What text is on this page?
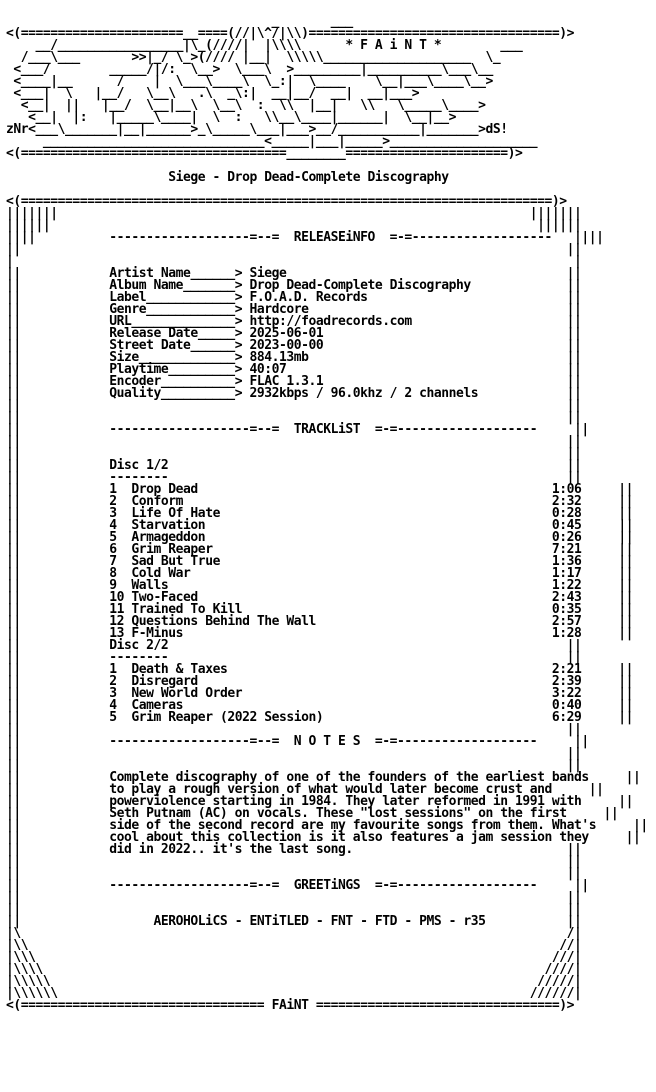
_       ___
<(======================__====(//|\^/|\\)==================================)>
__/_________________|\_(////|  |\\\\      * F A i N T *        ___
/___\___       >>|_/ \_>(//// |__|  \\\\\____________________  \_
<___/        _____/|/:  \__>  \___\  >_________|__________\___\__
<____|__      /    |  \___\____\  \_:|  \____    \__|___\____\__>
<___|  \   |__/   \__\   .\  _\:|  __|__/  __|  __|___>
<__|  ||   |__/  \__|__\  \__\  :  \\  |__|   \\   \_____\____>
<__|  |:   |_____\____|  \  :   \\__\____|______|  \__|__>
zNr<___\_______|__|______>_\_____\___|___>__/___________|_______>dS!
______________________________<_____|___|_____>____________________
<(====================================________======================)>

Siege - Drop Dead-Complete Discography

<(========================================================================)>
|||||||	|||||||
||||||	||||||
||||	-------------------=--=  RELEASEiNFO  =-=-------------------   ||||
||	||
|	|
||	Artist Name______> Siege	||
||	Album Name_______> Drop Dead-Complete Discography	||
||	Label____________> F.O.A.D. Records	||
||	Genre____________> Hardcore	||
||	URL______________> http://foadrecords.com	||
||	Release Date_____> 2025-06-01	||
||	Street Date______> 2023-00-00	||
||	Size_____________> 884.13mb	||
||	Playtime_________> 40:07	||
||	Encoder__________> FLAC 1.3.1	||
||	Quality__________> 2932kbps / 96.0khz / 2 channels	||
||	||
||	||
||	-------------------=--=  TRACKLiST  =-=-------------------     ||
||	||
||	||
||	Disc 1/2	||
||	--------	||
||	1  Drop Dead	1:06     ||
||	2  Conform	2:32     ||
||	3  Life Of Hate	0:28     ||
||	4  Starvation	0:45     ||
||	5  Armageddon	0:26     ||
||	6  Grim Reaper	7:21     ||
||	7  Sad But True	1:36     ||
||	8  Cold War	1:17     ||
||	9  Walls	1:22     ||
||	10 Two-Faced	2:43     ||
||	11 Trained To Kill	0:35     ||
||	12 Questions Behind The Wall	2:57     ||
||	13 F-Minus	1:28     ||
||	Disc 2/2	||
||	--------	||
||	1  Death & Taxes	2:21     ||
||	2  Disregard	2:39     ||
||	3  New World Order	3:22     ||
||	4  Cameras	0:40     ||
||	5  Grim Reaper (2022 Session)	6:29     ||
||	||
||	-------------------=--=  N O T E S  =-=-------------------     ||
||	||
||	||
||	Complete discography of one of the founders of the earliest bands     ||
||	to play a rough version of what would later become crust and     ||
||	powerviolence starting in 1984. They later reformed in 1991 with     ||
||	Seth Putnam (AC) on vocals. These "lost sessions" on the first     ||
||	side of the second record are my favourite songs from them. What's     ||
||	cool about this collection is it also features a jam session they     ||
||	did in 2022.. it's the last song.	||
||	||
||	||
||	-------------------=--=  GREETiNGS  =-=-------------------     ||
||	||
||	||
||	AEROHOLiCS - ENTiTLED - FNT - FTD - PMS - r35	||
|\	/|
|\\	//|
|\\\	///|
|\\\\	////|
|\\\\\	/////|
|\\\\\\	//////|
<(================================= FAiNT =================================)>
